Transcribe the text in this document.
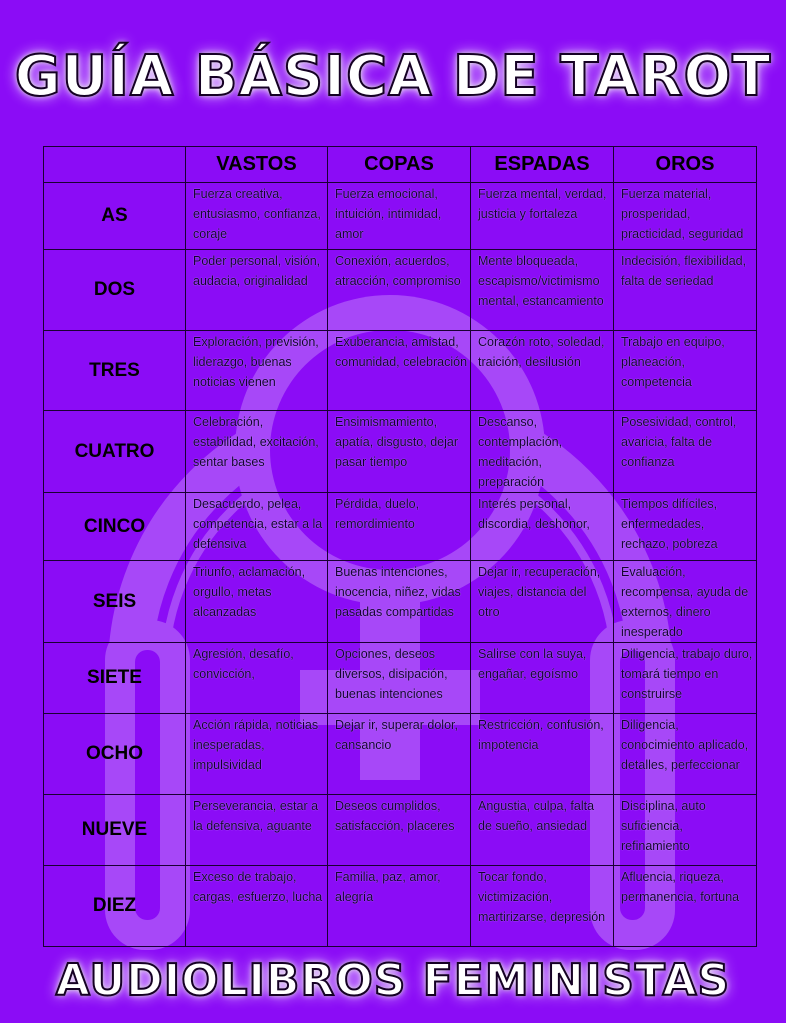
GUÍA BÁSICA DE TAROT
	VASTOS	COPAS	ESPADAS	OROS
AS	Fuerza creativa, entusiasmo, confianza, coraje	Fuerza emocional, intuición, intimidad, amor	Fuerza mental, verdad, justicia y fortaleza	Fuerza material, prosperidad, practicidad, seguridad
DOS	Poder personal, visión, audacia, originalidad	Conexión, acuerdos, atracción, compromiso	Mente bloqueada, escapismo/victimismo mental, estancamiento	Indecisión, flexibilidad, falta de seriedad
TRES	Exploración, previsión, liderazgo, buenas noticias vienen	Exuberancia, amistad, comunidad, celebración	Corazón roto, soledad, traición, desilusión	Trabajo en equipo, planeación, competencia
CUATRO	Celebración, estabilidad, excitación, sentar bases	Ensimismamiento, apatía, disgusto, dejar pasar tiempo	Descanso, contemplación, meditación, preparación	Posesividad, control, avaricia, falta de confianza
CINCO	Desacuerdo, pelea, competencia, estar a la defensiva	Pérdida, duelo, remordimiento	Interés personal, discordia, deshonor,	Tiempos difíciles, enfermedades, rechazo, pobreza
SEIS	Triunfo, aclamación, orgullo, metas alcanzadas	Buenas intenciones, inocencia, niñez, vidas pasadas compartidas	Dejar ir, recuperación, viajes, distancia del otro	Evaluación, recompensa, ayuda de externos, dinero inesperado
SIETE	Agresión, desafío, convicción,	Opciones, deseos diversos, disipación, buenas intenciones	Salirse con la suya, engañar, egoísmo	Diligencia, trabajo duro, tomará tiempo en construirse
OCHO	Acción rápida, noticias inesperadas, impulsividad	Dejar ir, superar dolor, cansancio	Restricción, confusión, impotencia	Diligencia, conocimiento aplicado, detalles, perfeccionar
NUEVE	Perseverancia, estar a la defensiva, aguante	Deseos cumplidos, satisfacción, placeres	Angustia, culpa, falta de sueño, ansiedad	Disciplina, auto suficiencia, refinamiento
DIEZ	Exceso de trabajo, cargas, esfuerzo, lucha	Familia, paz, amor, alegría	Tocar fondo, victimización, martirizarse, depresión	Afluencia, riqueza, permanencia, fortuna
AUDIOLIBROS FEMINISTAS
